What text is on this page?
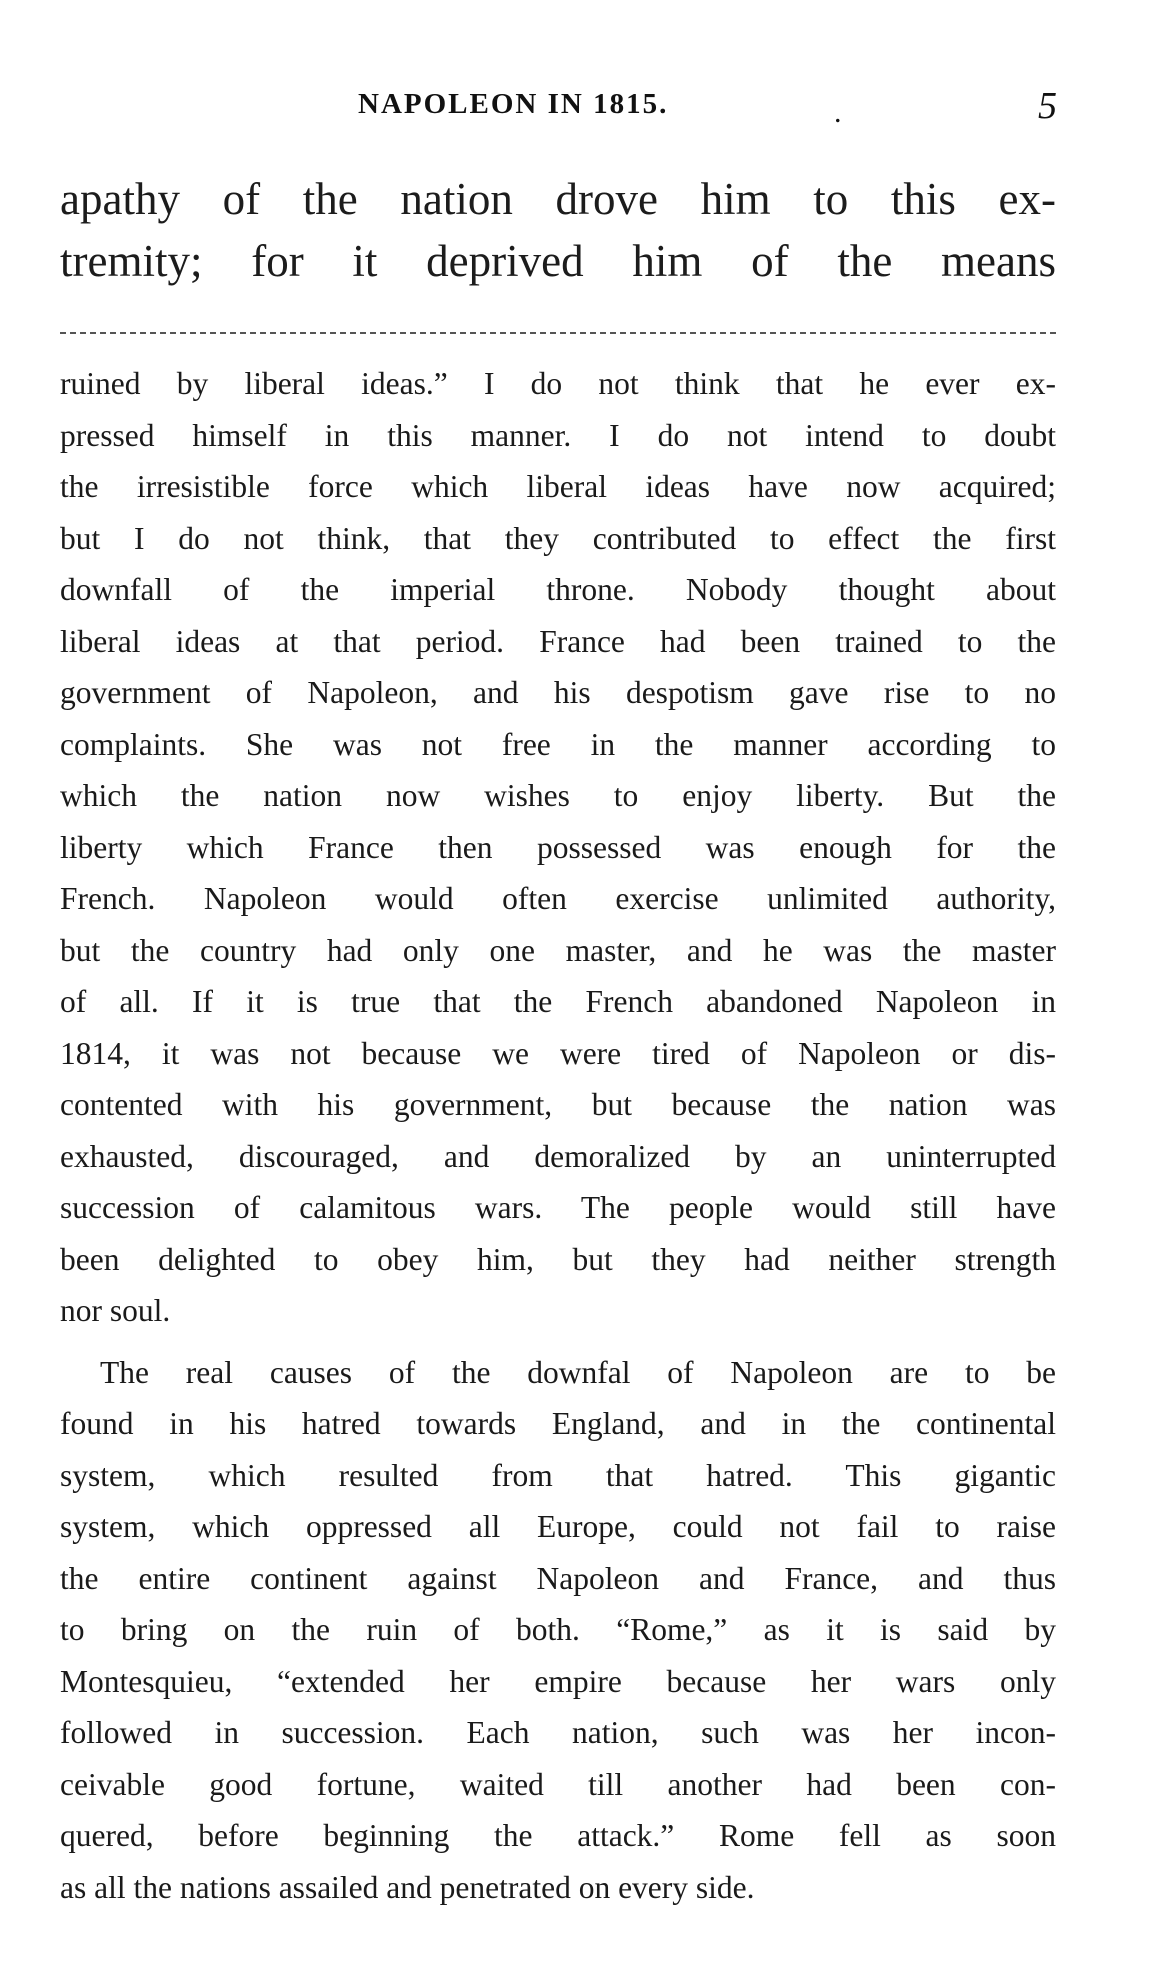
NAPOLEON IN 1815.	.	5
apathy of the nation drove him to this ex-
tremity; for it deprived him of the means
ruined by liberal ideas.” I do not think that he ever ex-
pressed himself in this manner. I do not intend to doubt
the irresistible force which liberal ideas have now acquired;
but I do not think, that they contributed to effect the first
downfall of the imperial throne. Nobody thought about
liberal ideas at that period. France had been trained to the
government of Napoleon, and his despotism gave rise to no
complaints. She was not free in the manner according to
which the nation now wishes to enjoy liberty. But the
liberty which France then possessed was enough for the
French. Napoleon would often exercise unlimited authority,
but the country had only one master, and he was the master
of all. If it is true that the French abandoned Napoleon in
1814, it was not because we were tired of Napoleon or dis-
contented with his government, but because the nation was
exhausted, discouraged, and demoralized by an uninterrupted
succession of calamitous wars. The people would still have
been delighted to obey him, but they had neither strength
nor soul.
The real causes of the downfal of Napoleon are to be
found in his hatred towards England, and in the continental
system, which resulted from that hatred. This gigantic
system, which oppressed all Europe, could not fail to raise
the entire continent against Napoleon and France, and thus
to bring on the ruin of both. “Rome,” as it is said by
Montesquieu, “extended her empire because her wars only
followed in succession. Each nation, such was her incon-
ceivable good fortune, waited till another had been con-
quered, before beginning the attack.” Rome fell as soon
as all the nations assailed and penetrated on every side.
